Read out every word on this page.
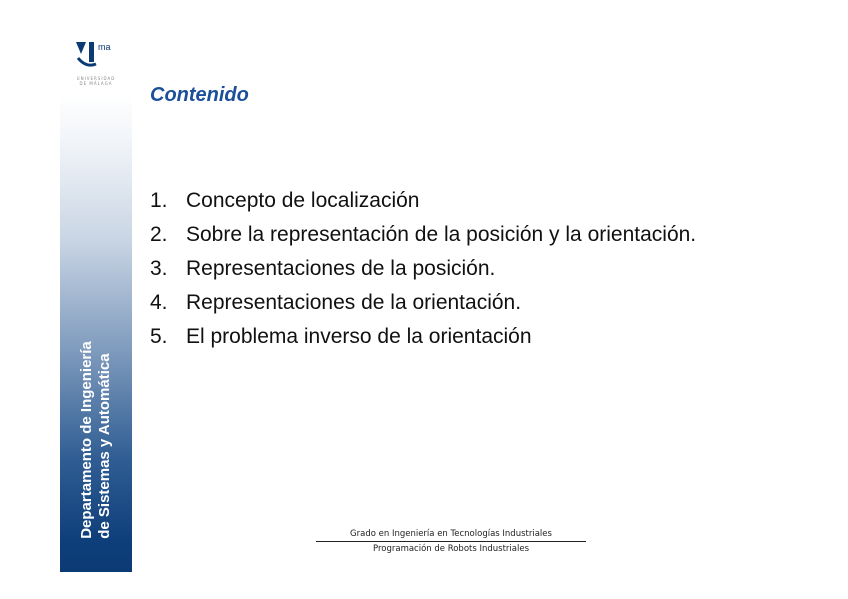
ma
UNIVERSIDAD
DE MÁLAGA
Departamento de Ingeniería de Sistemas y Automática
Contenido
1. Concepto de localización
2. Sobre la representación de la posición y la orientación.
3. Representaciones de la posición.
4. Representaciones de la orientación.
5. El problema inverso de la orientación
Grado en Ingeniería en Tecnologías Industriales
Programación de Robots Industriales
